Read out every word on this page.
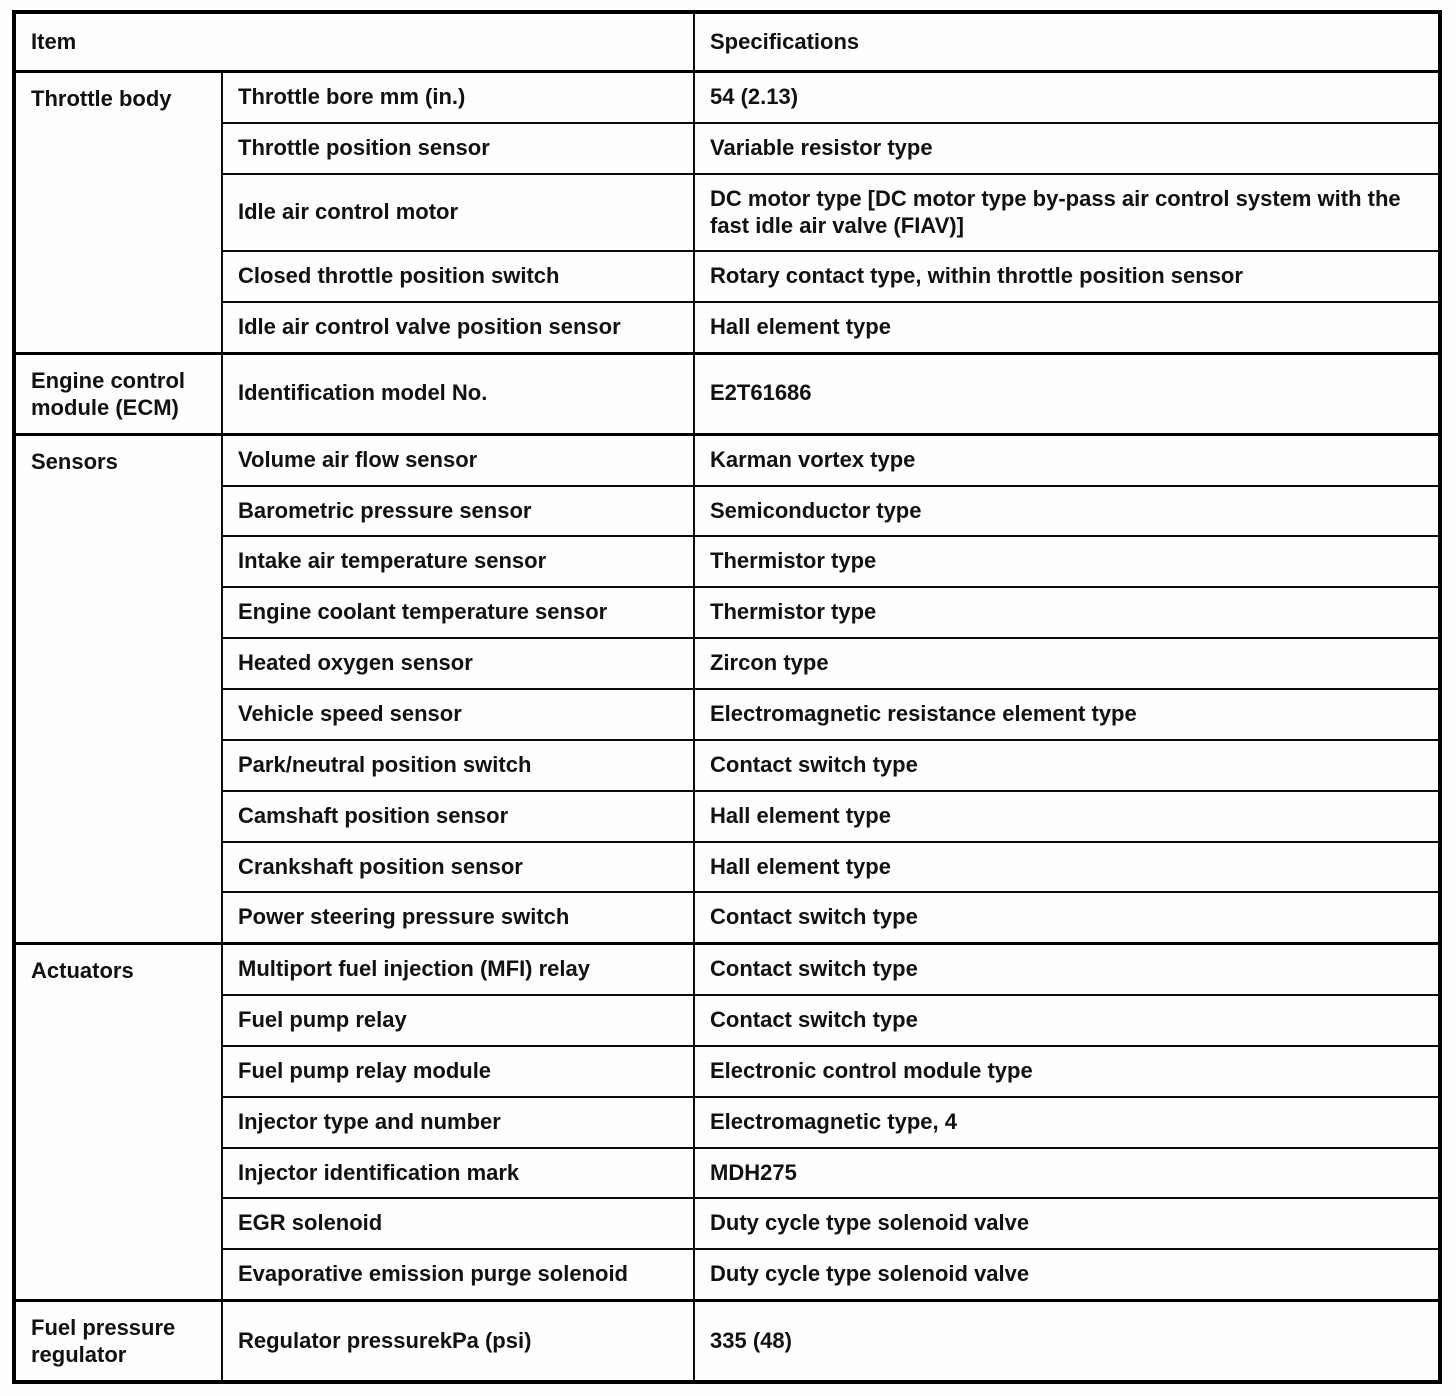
Item		Specifications
Throttle body	Throttle bore mm (in.)	54 (2.13)
	Throttle position sensor	Variable resistor type
	Idle air control motor	DC motor type [DC motor type by-pass air control system with the fast idle air valve (FIAV)]
	Closed throttle position switch	Rotary contact type, within throttle position sensor
	Idle air control valve position sensor	Hall element type
Engine control module (ECM)	Identification model No.	E2T61686
Sensors	Volume air flow sensor	Karman vortex type
	Barometric pressure sensor	Semiconductor type
	Intake air temperature sensor	Thermistor type
	Engine coolant temperature sensor	Thermistor type
	Heated oxygen sensor	Zircon type
	Vehicle speed sensor	Electromagnetic resistance element type
	Park/neutral position switch	Contact switch type
	Camshaft position sensor	Hall element type
	Crankshaft position sensor	Hall element type
	Power steering pressure switch	Contact switch type
Actuators	Multiport fuel injection (MFI) relay	Contact switch type
	Fuel pump relay	Contact switch type
	Fuel pump relay module	Electronic control module type
	Injector type and number	Electromagnetic type, 4
	Injector identification mark	MDH275
	EGR solenoid	Duty cycle type solenoid valve
	Evaporative emission purge solenoid	Duty cycle type solenoid valve
Fuel pressure regulator	Regulator pressurekPa (psi)	335 (48)
